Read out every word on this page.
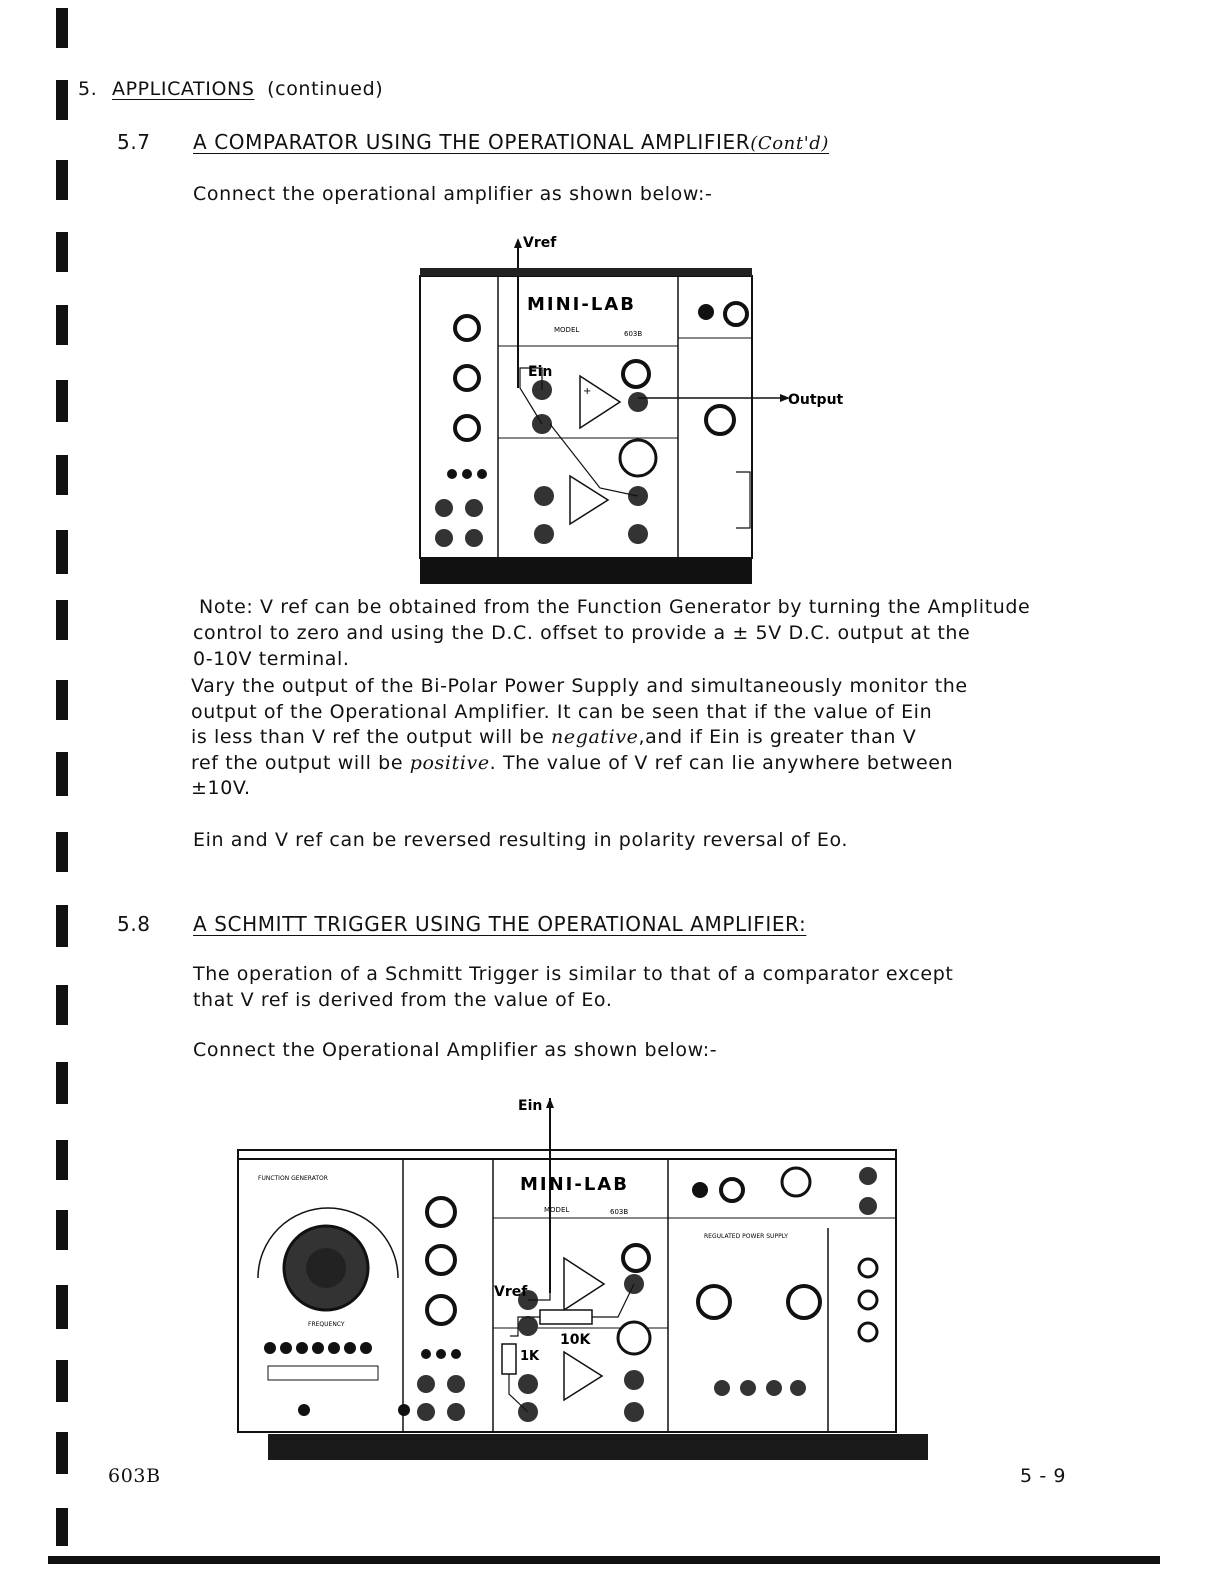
5. APPLICATIONS (continued)
5.7 A COMPARATOR USING THE OPERATIONAL AMPLIFIER(Cont'd)
Connect the operational amplifier as shown below:-
Vref
MINI-LAB
MODEL	603B
+
Ein
Output
Note: V ref can be obtained from the Function Generator by turning the Amplitude
control to zero and using the D.C. offset to provide a ± 5V D.C. output at the
0-10V terminal.
Vary the output of the Bi-Polar Power Supply and simultaneously monitor the
output of the Operational Amplifier. It can be seen that if the value of Ein
is less than V ref the output will be negative,and if Ein is greater than V
ref the output will be positive. The value of V ref can lie anywhere between
±10V.
Ein and V ref can be reversed resulting in polarity reversal of Eo.
5.8 A SCHMITT TRIGGER USING THE OPERATIONAL AMPLIFIER:
The operation of a Schmitt Trigger is similar to that of a comparator except
that V ref is derived from the value of Eo.
Connect the Operational Amplifier as shown below:-
Ein
FUNCTION GENERATOR
FREQUENCY
MINI-LAB
MODEL	603B
Vref
10K
1K
REGULATED POWER SUPPLY
603B	5 - 9
